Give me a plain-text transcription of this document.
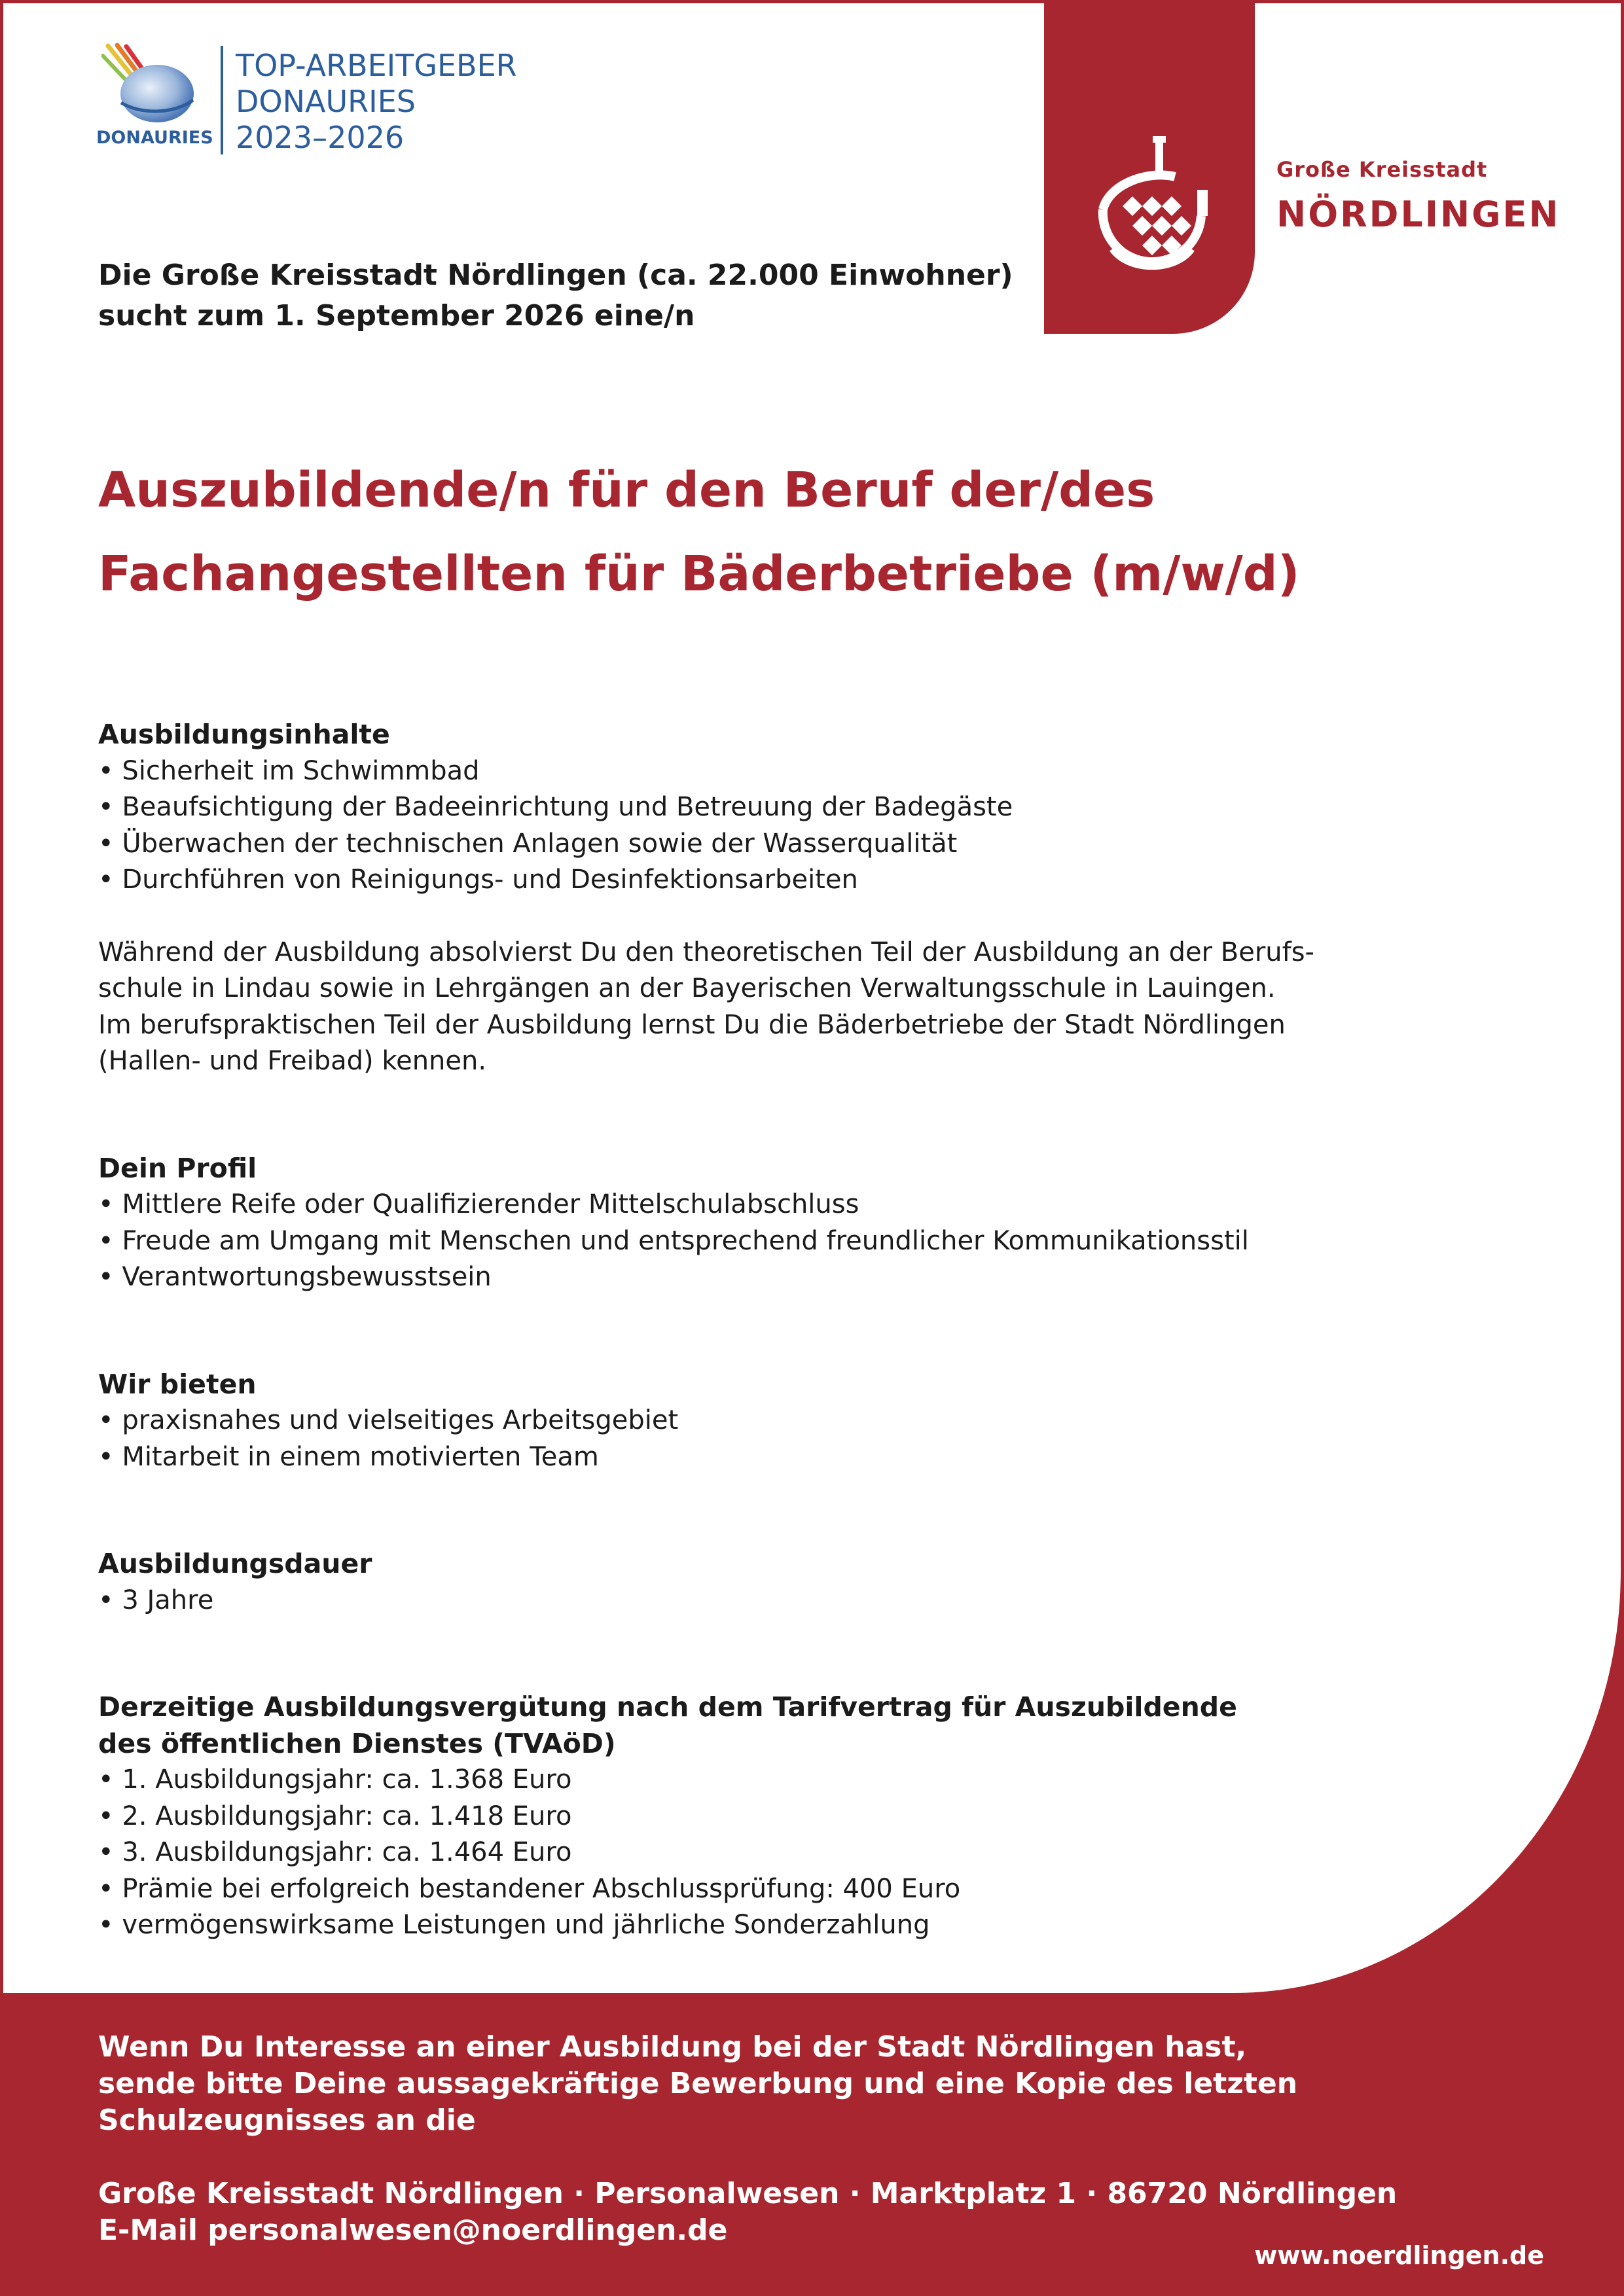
DONAURIES
TOP-ARBEITGEBER
DONAURIES
2023–2026
Große Kreisstadt
NÖRDLINGEN
Die Große Kreisstadt Nördlingen (ca. 22.000 Einwohner)
sucht zum 1. September 2026 eine/n
Auszubildende/n für den Beruf der/des
Fachangestellten für Bäderbetriebe (m/w/d)
Ausbildungsinhalte
• Sicherheit im Schwimmbad
• Beaufsichtigung der Badeeinrichtung und Betreuung der Badegäste
• Überwachen der technischen Anlagen sowie der Wasserqualität
• Durchführen von Reinigungs- und Desinfektionsarbeiten
Während der Ausbildung absolvierst Du den theoretischen Teil der Ausbildung an der Berufs-
schule in Lindau sowie in Lehrgängen an der Bayerischen Verwaltungsschule in Lauingen.
Im berufspraktischen Teil der Ausbildung lernst Du die Bäderbetriebe der Stadt Nördlingen
(Hallen- und Freibad) kennen.
Dein Profil
• Mittlere Reife oder Qualifizierender Mittelschulabschluss
• Freude am Umgang mit Menschen und entsprechend freundlicher Kommunikationsstil
• Verantwortungsbewusstsein
Wir bieten
• praxisnahes und vielseitiges Arbeitsgebiet
• Mitarbeit in einem motivierten Team
Ausbildungsdauer
• 3 Jahre
Derzeitige Ausbildungsvergütung nach dem Tarifvertrag für Auszubildende
des öffentlichen Dienstes (TVAöD)
• 1. Ausbildungsjahr: ca. 1.368 Euro
• 2. Ausbildungsjahr: ca. 1.418 Euro
• 3. Ausbildungsjahr: ca. 1.464 Euro
• Prämie bei erfolgreich bestandener Abschlussprüfung: 400 Euro
• vermögenswirksame Leistungen und jährliche Sonderzahlung
Wenn Du Interesse an einer Ausbildung bei der Stadt Nördlingen hast,
sende bitte Deine aussagekräftige Bewerbung und eine Kopie des letzten
Schulzeugnisses an die
Große Kreisstadt Nördlingen · Personalwesen · Marktplatz 1 · 86720 Nördlingen
E-Mail personalwesen@noerdlingen.de
www.noerdlingen.de
